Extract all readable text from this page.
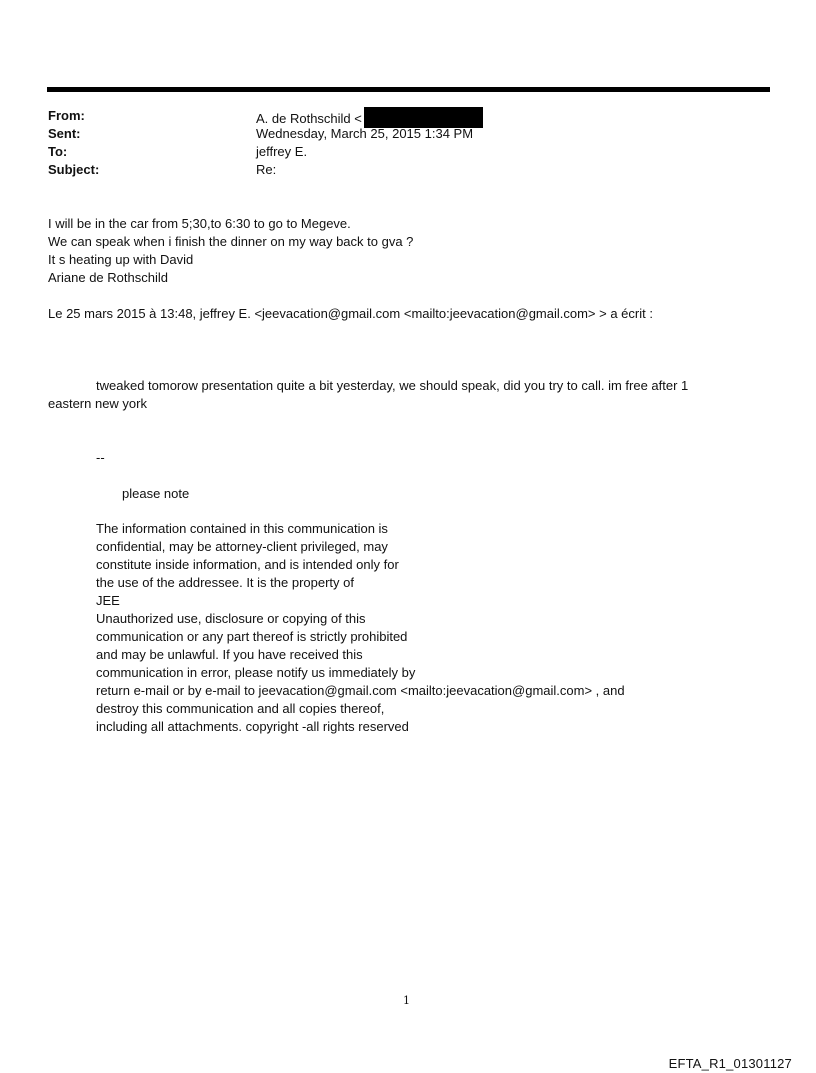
From:	A. de Rothschild <
Sent:	Wednesday, March 25, 2015 1:34 PM
To:	jeffrey E.
Subject:	Re:
I will be in the car from 5;30,to 6:30 to go to Megeve.
We can speak when i finish the dinner on my way back to gva ?
It s heating up with David
Ariane de Rothschild
Le 25 mars 2015 à 13:48, jeffrey E. <jeevacation@gmail.com <mailto:jeevacation@gmail.com> > a écrit :
tweaked tomorow presentation quite a bit yesterday, we should speak, did you try to call. im free after 1
eastern new york
--
please note
The information contained in this communication is
confidential, may be attorney-client privileged, may
constitute inside information, and is intended only for
the use of the addressee. It is the property of
JEE
Unauthorized use, disclosure or copying of this
communication or any part thereof is strictly prohibited
and may be unlawful. If you have received this
communication in error, please notify us immediately by
return e-mail or by e-mail to jeevacation@gmail.com <mailto:jeevacation@gmail.com> , and
destroy this communication and all copies thereof,
including all attachments. copyright -all rights reserved
1
EFTA_R1_01301127
